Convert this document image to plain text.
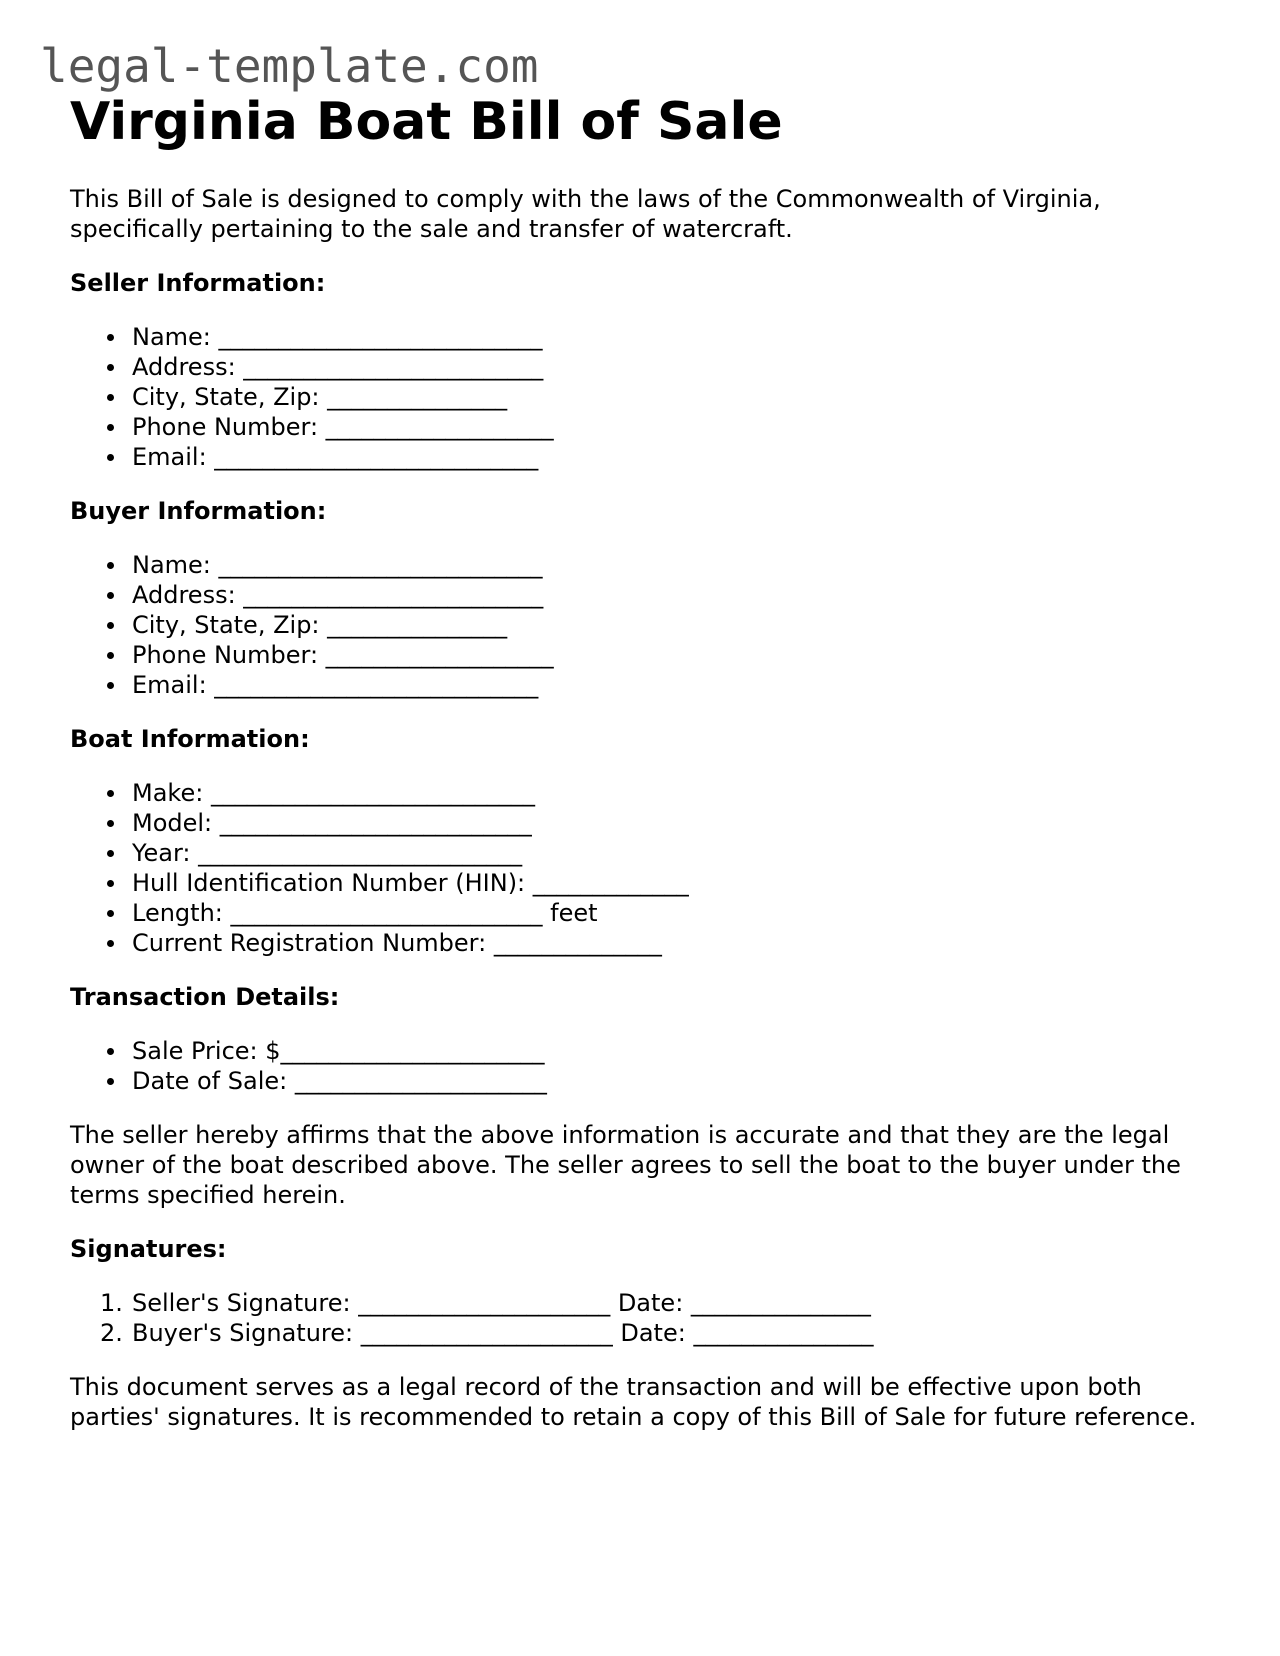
legal-template.com
Virginia Boat Bill of Sale

This Bill of Sale is designed to comply with the laws of the Commonwealth of Virginia, specifically pertaining to the sale and transfer of watercraft.

Seller Information:
Name: ___________________________
Address: _________________________
City, State, Zip: _______________
Phone Number: ___________________
Email: ___________________________
Buyer Information:
Name: ___________________________
Address: _________________________
City, State, Zip: _______________
Phone Number: ___________________
Email: ___________________________
Boat Information:
Make: ___________________________
Model: __________________________
Year: ___________________________
Hull Identification Number (HIN): _____________
Length: __________________________ feet
Current Registration Number: ______________
Transaction Details:
Sale Price: $______________________
Date of Sale: _____________________

The seller hereby affirms that the above information is accurate and that they are the legal owner of the boat described above. The seller agrees to sell the boat to the buyer under the terms specified herein.

Signatures:
1. Seller's Signature: _____________________ Date: _______________
2. Buyer's Signature: _____________________ Date: _______________

This document serves as a legal record of the transaction and will be effective upon both parties' signatures. It is recommended to retain a copy of this Bill of Sale for future reference.
